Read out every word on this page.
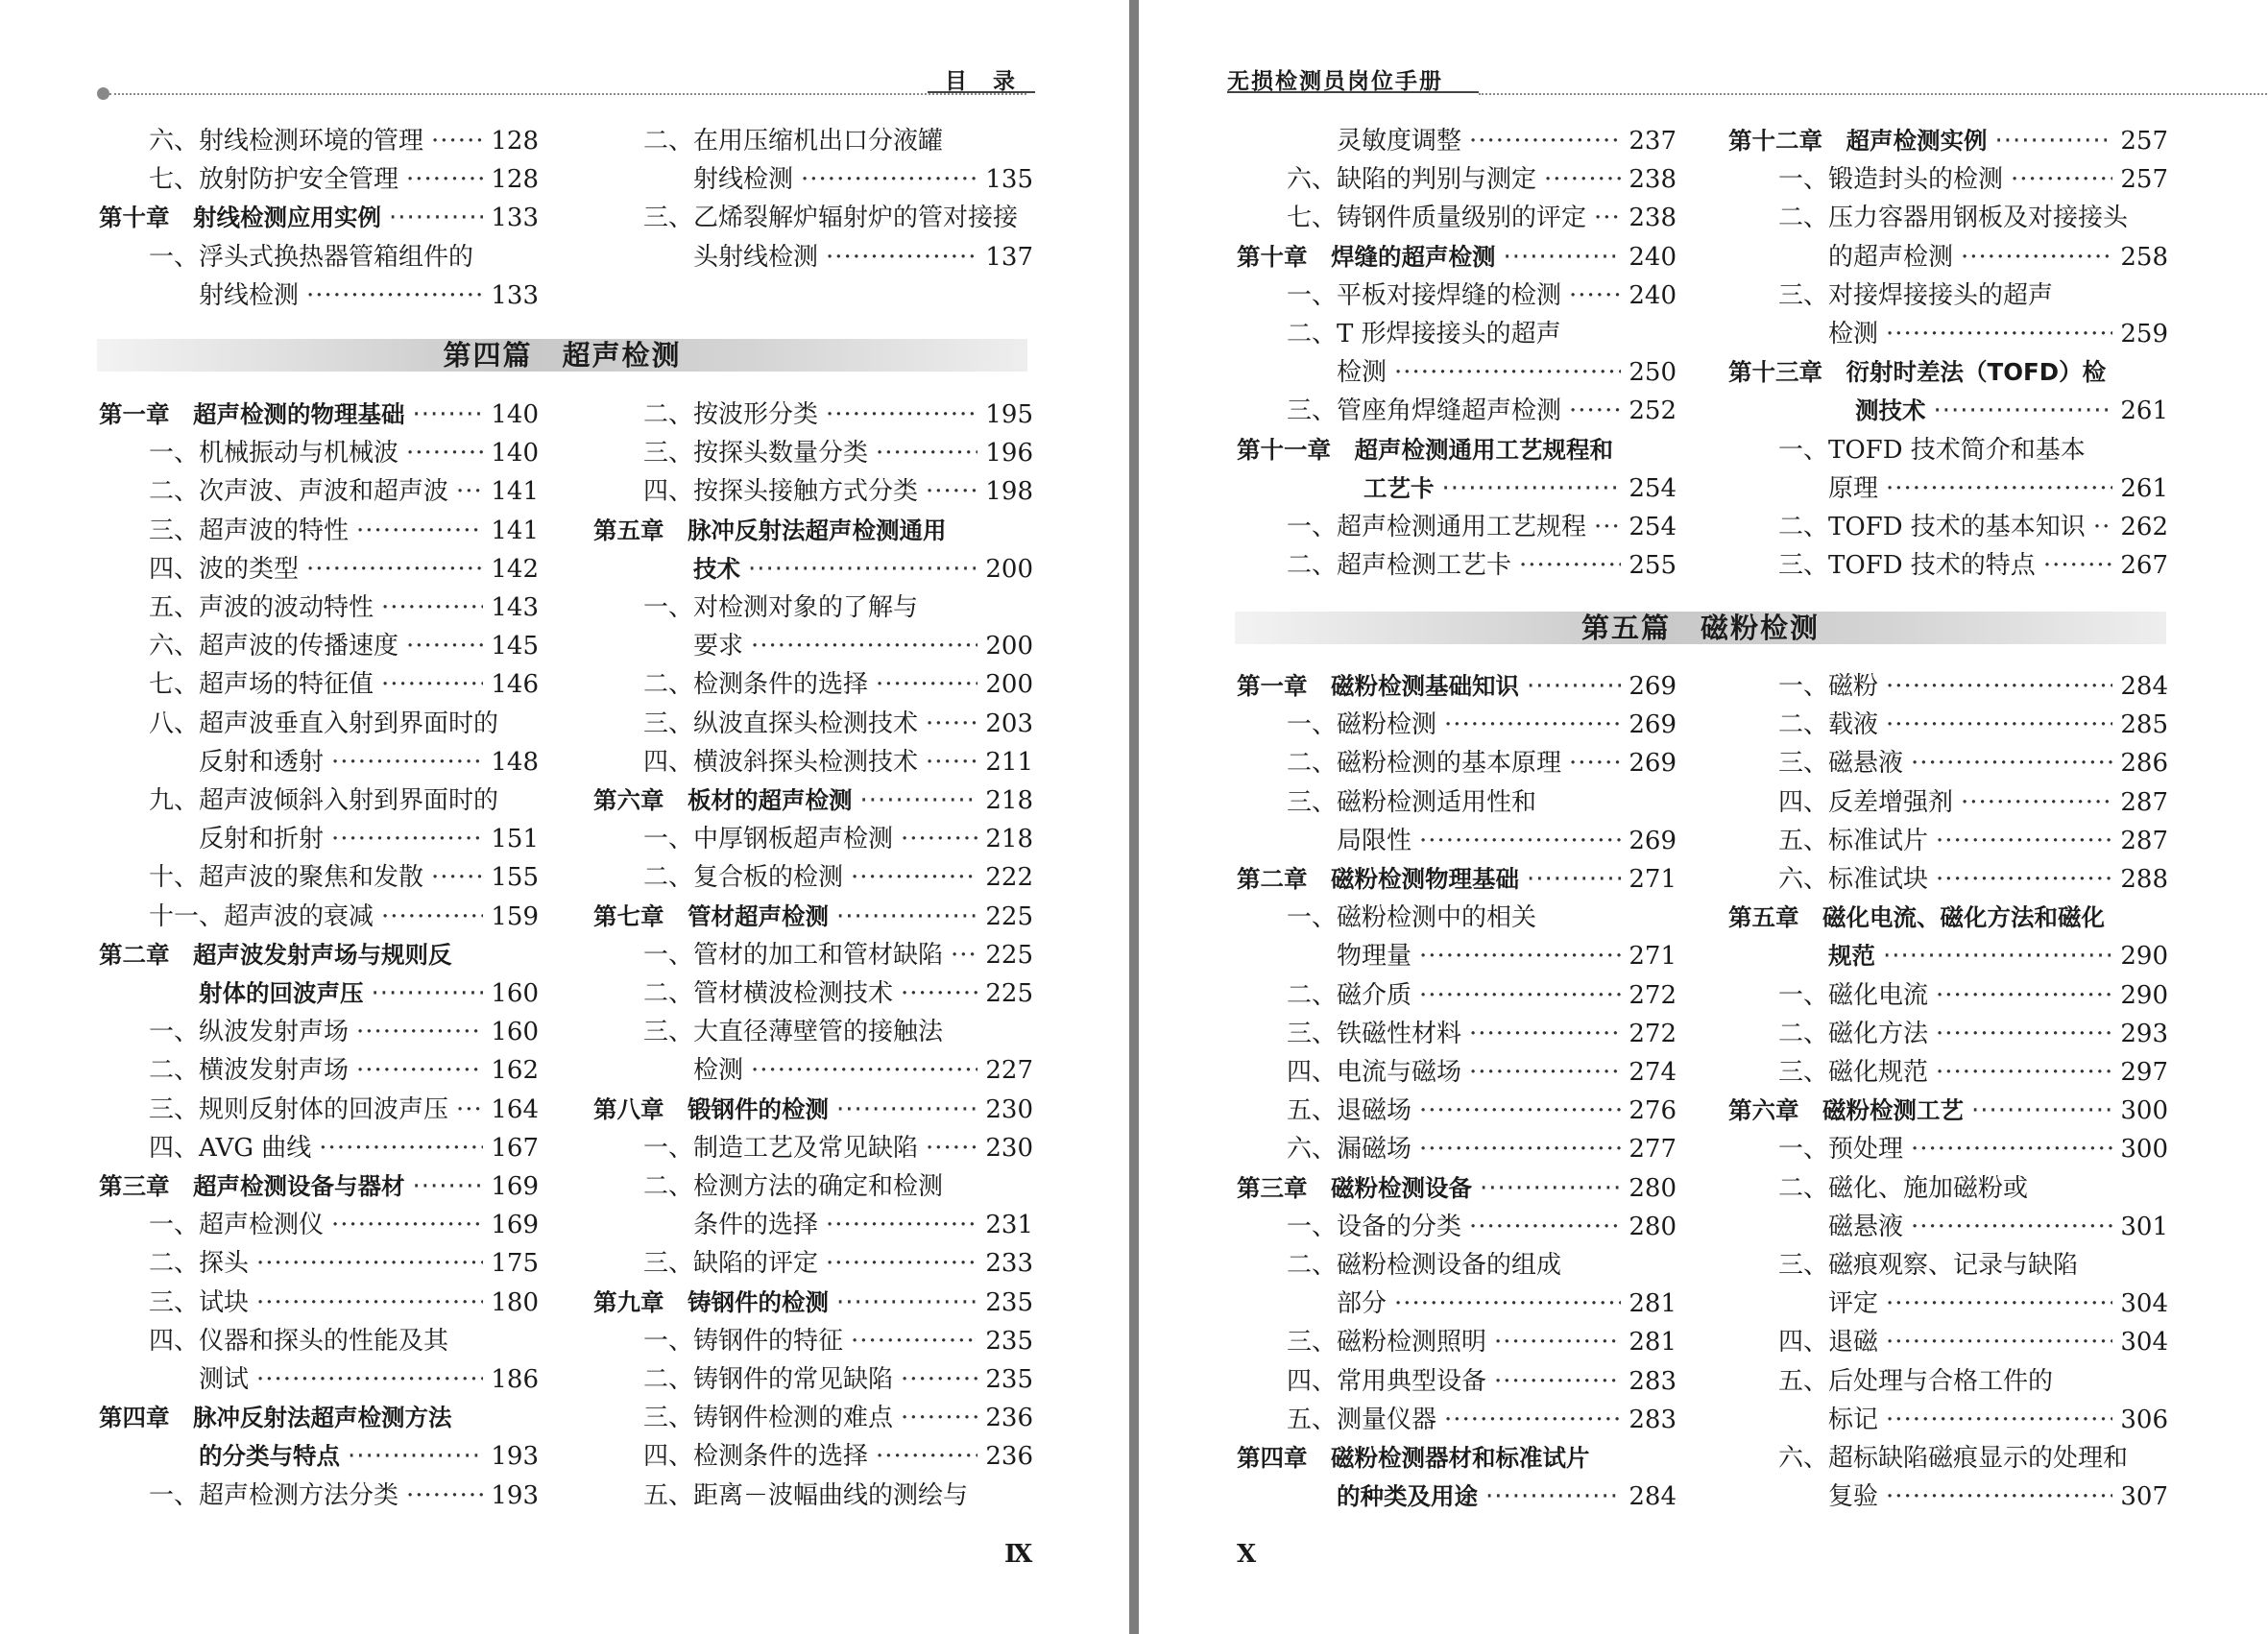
目　录
六、射线检测环境的管理 ·····	128
七、放射防护安全管理 ·····	128
第十章　射线检测应用实例 ·····	133
一、浮头式换热器管箱组件的
射线检测 ·····	133
二、在用压缩机出口分液罐
射线检测 ·····	135
三、乙烯裂解炉辐射炉的管对接接
头射线检测 ·····	137
第四篇　超声检测
第一章　超声检测的物理基础 ·····	140
一、机械振动与机械波 ·····	140
二、次声波、声波和超声波 ····· 141
三、超声波的特性 ·····	141
四、波的类型 ·····	142
五、声波的波动特性 ·····	143
六、超声波的传播速度 ·····	145
七、超声场的特征值 ·····	146
八、超声波垂直入射到界面时的
反射和透射 ·····	148
九、超声波倾斜入射到界面时的
反射和折射 ·····	151
十、超声波的聚焦和发散 ·····	155
十一、超声波的衰减 ·····	159
第二章　超声波发射声场与规则反
射体的回波声压 ·····	160
一、纵波发射声场 ·····	160
二、横波发射声场 ·····	162
三、规则反射体的回波声压 ····· 164
四、AVG 曲线 ·····	167
第三章　超声检测设备与器材 ·····	169
一、超声检测仪 ·····	169
二、探头 ·····	175
三、试块 ·····	180
四、仪器和探头的性能及其
测试 ·····	186
第四章　脉冲反射法超声检测方法
的分类与特点 ·····	193
一、超声检测方法分类 ·····	193
二、按波形分类 ·····	195
三、按探头数量分类 ·····	196
四、按探头接触方式分类 ·····	198
第五章　脉冲反射法超声检测通用
技术 ·····	200
一、对检测对象的了解与
要求 ·····	200
二、检测条件的选择 ·····	200
三、纵波直探头检测技术 ·····	203
四、横波斜探头检测技术 ·····	211
第六章　板材的超声检测 ·····	218
一、中厚钢板超声检测 ·····	218
二、复合板的检测 ·····	222
第七章　管材超声检测 ·····	225
一、管材的加工和管材缺陷 ····· 225
二、管材横波检测技术 ·····	225
三、大直径薄壁管的接触法
检测 ·····	227
第八章　锻钢件的检测 ·····	230
一、制造工艺及常见缺陷 ·····	230
二、检测方法的确定和检测
条件的选择 ·····	231
三、缺陷的评定 ·····	233
第九章　铸钢件的检测 ·····	235
一、铸钢件的特征 ·····	235
二、铸钢件的常见缺陷 ·····	235
三、铸钢件检测的难点 ·····	236
四、检测条件的选择 ·····	236
五、距离－波幅曲线的测绘与
Ⅸ
无损检测员岗位手册
灵敏度调整 ·····	237
六、缺陷的判别与测定 ·····	238
七、铸钢件质量级别的评定 ····· 238
第十章　焊缝的超声检测 ·····	240
一、平板对接焊缝的检测 ·····	240
二、T 形焊接接头的超声
检测 ·····	250
三、管座角焊缝超声检测 ·····	252
第十一章　超声检测通用工艺规程和
工艺卡 ·····	254
一、超声检测通用工艺规程 ····· 254
二、超声检测工艺卡 ·····	255
第十二章　超声检测实例 ·····	257
一、锻造封头的检测 ·····	257
二、压力容器用钢板及对接接头
的超声检测 ·····	258
三、对接焊接接头的超声
检测 ·····	259
第十三章　衍射时差法（TOFD）检
测技术 ·····	261
一、TOFD 技术简介和基本
原理 ·····	261
二、TOFD 技术的基本知识 ····· 262
三、TOFD 技术的特点 ·····	267
第五篇　磁粉检测
第一章　磁粉检测基础知识 ·····	269
一、磁粉检测 ·····	269
二、磁粉检测的基本原理 ·····	269
三、磁粉检测适用性和
局限性 ·····	269
第二章　磁粉检测物理基础 ·····	271
一、磁粉检测中的相关
物理量 ·····	271
二、磁介质 ·····	272
三、铁磁性材料 ·····	272
四、电流与磁场 ·····	274
五、退磁场 ·····	276
六、漏磁场 ·····	277
第三章　磁粉检测设备 ·····	280
一、设备的分类 ·····	280
二、磁粉检测设备的组成
部分 ·····	281
三、磁粉检测照明 ·····	281
四、常用典型设备 ·····	283
五、测量仪器 ·····	283
第四章　磁粉检测器材和标准试片
的种类及用途 ·····	284
一、磁粉 ·····	284
二、载液 ·····	285
三、磁悬液 ·····	286
四、反差增强剂 ·····	287
五、标准试片 ·····	287
六、标准试块 ·····	288
第五章　磁化电流、磁化方法和磁化
规范 ·····	290
一、磁化电流 ·····	290
二、磁化方法 ·····	293
三、磁化规范 ·····	297
第六章　磁粉检测工艺 ·····	300
一、预处理 ·····	300
二、磁化、施加磁粉或
磁悬液 ·····	301
三、磁痕观察、记录与缺陷
评定 ·····	304
四、退磁 ·····	304
五、后处理与合格工件的
标记 ·····	306
六、超标缺陷磁痕显示的处理和
复验 ·····	307
Ⅹ
